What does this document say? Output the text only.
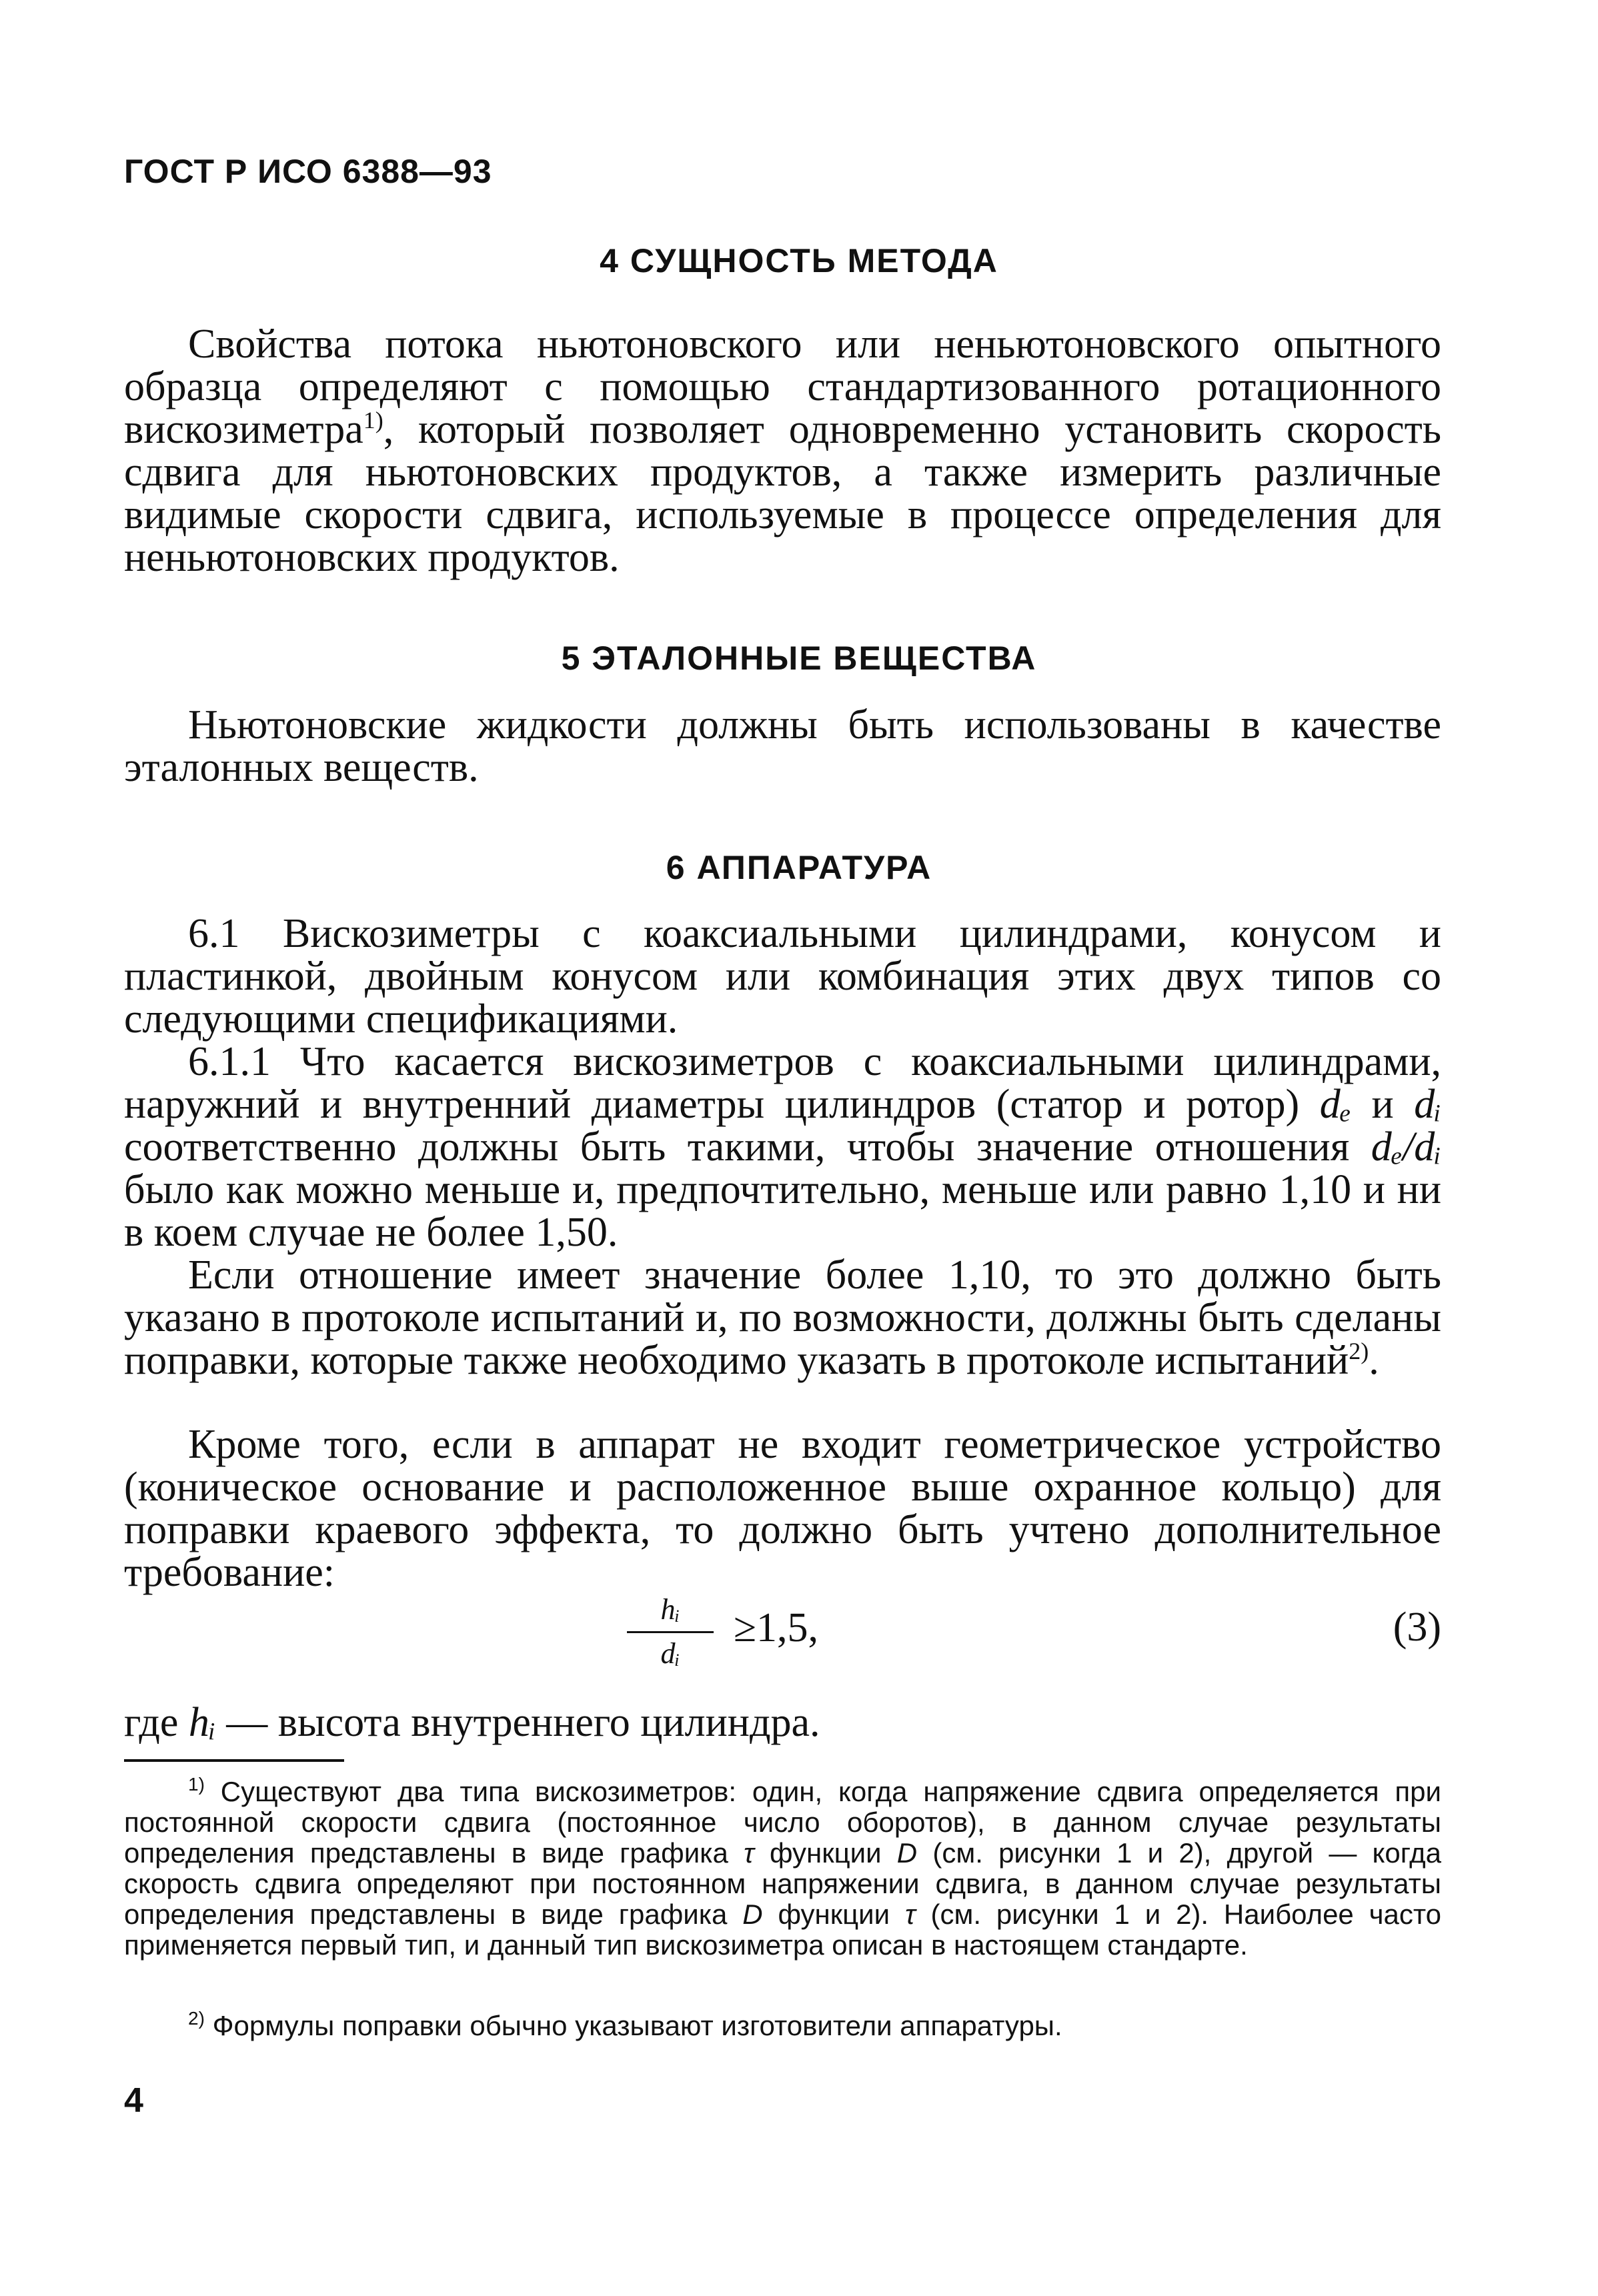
ГОСТ Р ИСО 6388—93
4 СУЩНОСТЬ МЕТОДА
Свойства потока ньютоновского или неньютоновского опытного образца определяют с помощью стандартизованного ротационного вискозиметра$^{1)}$, который позволяет одновременно установить скорость сдвига для ньютоновских продуктов, а также измерить различные видимые скорости сдвига, используемые в процессе определения для неньютоновских продуктов.
5 ЭТАЛОННЫЕ ВЕЩЕСТВА
Ньютоновские жидкости должны быть использованы в качестве эталонных веществ.
6 АППАРАТУРА
6.1 Вискозиметры с коаксиальными цилиндрами, конусом и пластинкой, двойным конусом или комбинация этих двух типов со следующими спецификациями.
6.1.1 Что касается вискозиметров с коаксиальными цилиндрами, наружний и внутренний диаметры цилиндров (статор и ротор) dₑ и dᵢ соответственно должны быть такими, чтобы значение отношения dₑ/dᵢ было как можно меньше и, предпочтительно, меньше или равно 1,10 и ни в коем случае не более 1,50.
Если отношение имеет значение более 1,10, то это должно быть указано в протоколе испытаний и, по возможности, должны быть сделаны поправки, которые также необходимо указать в протоколе испытаний$^{2)}$.
Кроме того, если в аппарат не входит геометрическое устройство (коническое основание и расположенное выше охранное кольцо) для поправки краевого эффекта, то должно быть учтено дополнительное требование:
hᵢ
dᵢ
≥1,5,	(3)
где hᵢ — высота внутреннего цилиндра.
$^{1)}$ Существуют два типа вискозиметров: один, когда напряжение сдвига определяется при постоянной скорости сдвига (постоянное число оборотов), в данном случае результаты определения представлены в виде графика τ функции D (см. рисунки 1 и 2), другой — когда скорость сдвига определяют при постоянном напряжении сдвига, в данном случае результаты определения представлены в виде графика D функции τ (см. рисунки 1 и 2). Наиболее часто применяется первый тип, и данный тип вискозиметра описан в настоящем стандарте.
$^{2)}$ Формулы поправки обычно указывают изготовители аппаратуры.
4
